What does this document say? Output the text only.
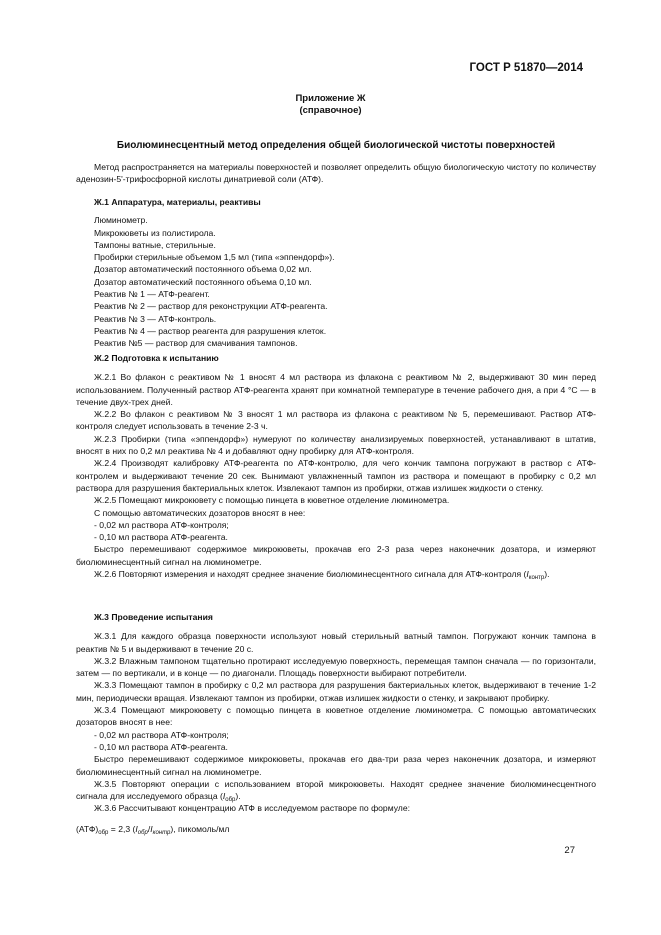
ГОСТ Р 51870—2014
Приложение Ж
(справочное)
Биолюминесцентный метод определения общей биологической чистоты поверхностей

Метод распространяется на материалы поверхностей и позволяет определить общую биологическую чистоту по количеству аденозин-5'-трифосфорной кислоты динатриевой соли (АТФ).

Ж.1 Аппаратура, материалы, реактивы

Люминометр.

Микрокюветы из полистирола.

Тампоны ватные, стерильные.

Пробирки стерильные объемом 1,5 мл (типа «эппендорф»).

Дозатор автоматический постоянного объема 0,02 мл.

Дозатор автоматический постоянного объема 0,10 мл.

Реактив № 1 — АТФ-реагент.

Реактив № 2 — раствор для реконструкции АТФ-реагента.

Реактив № 3 — АТФ-контроль.

Реактив № 4 — раствор реагента для разрушения клеток.

Реактив №5 — раствор для смачивания тампонов.

Ж.2 Подготовка к испытанию

Ж.2.1 Во флакон с реактивом № 1 вносят 4 мл раствора из флакона с реактивом № 2, выдерживают 30 мин перед использованием. Полученный раствор АТФ-реагента хранят при комнатной температуре в течение рабочего дня, а при 4 °С — в течение двух-трех дней.

Ж.2.2 Во флакон с реактивом № 3 вносят 1 мл раствора из флакона с реактивом № 5, перемешивают. Раствор АТФ-контроля следует использовать в течение 2-3 ч.

Ж.2.3 Пробирки (типа «эппендорф») нумеруют по количеству анализируемых поверхностей, устанавливают в штатив, вносят в них по 0,2 мл реактива № 4 и добавляют одну пробирку для АТФ-контроля.

Ж.2.4 Производят калибровку АТФ-реагента по АТФ-контролю, для чего кончик тампона погружают в раствор с АТФ-контролем и выдерживают течение 20 сек. Вынимают увлажненный тампон из раствора и помещают в пробирку с 0,2 мл раствора для разрушения бактериальных клеток. Извлекают тампон из пробирки, отжав излишек жидкости о стенку.

Ж.2.5 Помещают микрокювету с помощью пинцета в кюветное отделение люминометра.

С помощью автоматических дозаторов вносят в нее:

- 0,02 мл раствора АТФ-контроля;

- 0,10 мл раствора АТФ-реагента.

Быстро перемешивают содержимое микрокюветы, прокачав его 2-3 раза через наконечник дозатора, и измеряют биолюминесцентный сигнал на люминометре.

Ж.2.6 Повторяют измерения и находят среднее значение биолюминесцентного сигнала для АТФ-контроля $(I_{контр})$.

Ж.3 Проведение испытания

Ж.3.1 Для каждого образца поверхности используют новый стерильный ватный тампон. Погружают кончик тампона в реактив № 5 и выдерживают в течение 20 с.

Ж.3.2 Влажным тампоном тщательно протирают исследуемую поверхность, перемещая тампон сначала — по горизонтали, затем — по вертикали, и в конце — по диагонали. Площадь поверхности выбирают потребители.

Ж.3.3 Помещают тампон в пробирку с 0,2 мл раствора для разрушения бактериальных клеток, выдерживают в течение 1-2 мин, периодически вращая. Извлекают тампон из пробирки, отжав излишек жидкости о стенку, и закрывают пробирку.

Ж.3.4 Помещают микрокювету с помощью пинцета в кюветное отделение люминометра. С помощью автоматических дозаторов вносят в нее:

- 0,02 мл раствора АТФ-контроля;

- 0,10 мл раствора АТФ-реагента.

Быстро перемешивают содержимое микрокюветы, прокачав его два-три раза через наконечник дозатора, и измеряют биолюминесцентный сигнал на люминометре.

Ж.3.5 Повторяют операции с использованием второй микрокюветы. Находят среднее значение биолюминесцентного сигнала для исследуемого образца $(I_{обр})$.

Ж.3.6 Рассчитывают концентрацию АТФ в исследуемом растворе по формуле:

$(АТФ)_{обр} = 2,3$ $(I_{обр}/I_{контр})$, пикомоль/мл

27
